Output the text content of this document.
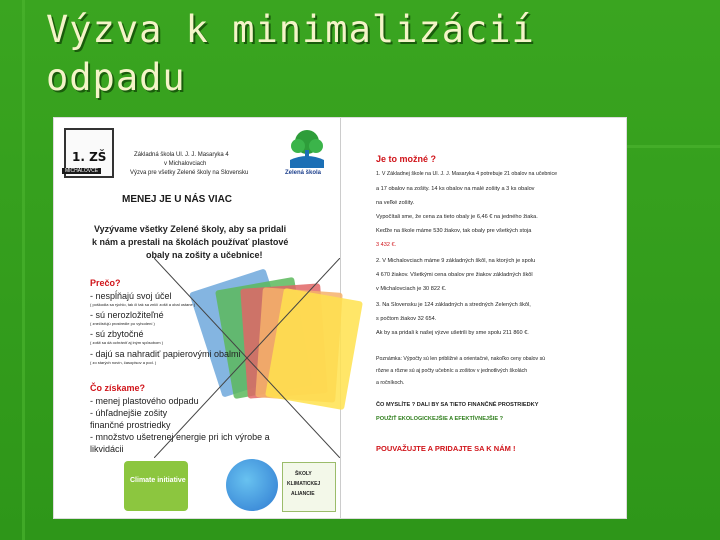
Výzva k minimalizácií
odpadu
1. ZŠ
MICHALOVCE
Základná škola Ul. J. J. Masaryka 4
v Michalovciach
Výzva pre všetky Zelené školy na Slovensku	Zelená škola
MENEJ JE U NÁS VIAC
Vyzývame všetky Zelené školy, aby sa pridali
k nám a prestali na školách používať plastové
obaly na zošity a učebnice!
Prečo?
- nespĺňajú svoj účel
( poškodia sa rýchlo, tak či tak sa zničí zošit a obal ostane )
- sú nerozložiteľné
( znečisťujú prostredie po vyhodení )
- sú zbytočné
( zošit sa dá ochrániť aj iným spôsobom )
- dajú sa nahradiť papierovými obalmi
( zo starých novín, časopisov a pod. )
Čo získame?
- menej plastového odpadu
- úhľadnejšie zošity
finančné prostriedky
- množstvo ušetrenej energie pri ich výrobe a
likvidácii
Climate initiative
ŠKOLY
KLIMATICKEJ
ALIANCIE
Je to možné ?
1. V Základnej škole na Ul. J. J. Masaryka 4 potrebuje 21 obalov na učebnice
a 17 obalov na zošity. 14 ks obalov na malé zošity a 3 ks obalov
na veľké zošity.
Vypočítali sme, že cena za tieto obaly je 6,46 € na jedného žiaka.
Keďže na škole máme 530 žiakov, tak obaly pre všetkých stoja
3 432 €.
2. V Michalovciach máme 9 základných škôl, na ktorých je spolu
4 670 žiakov. Všetkými cena obalov pre žiakov základných škôl
v Michalovciach je 30 822 €.
3. Na Slovensku je 124 základných a stredných Zelených škôl,
s počtom žiakov 32 654.
Ak by sa pridali k našej výzve ušetrili by sme spolu 211 860 €.
Poznámka: Výpočty sú len približné a orientačné, nakoľko ceny obalov sú
rôzne a rôzne sú aj počty učebníc a zošitov v jednotlivých školách
a ročníkoch.
ČO MYSLÍTE ? DALI BY SA TIETO FINANČNÉ PROSTRIEDKY
POUŽIŤ EKOLOGICKEJŠIE A EFEKTÍVNEJŠIE ?
POUVAŽUJTE A PRIDAJTE SA K NÁM !
